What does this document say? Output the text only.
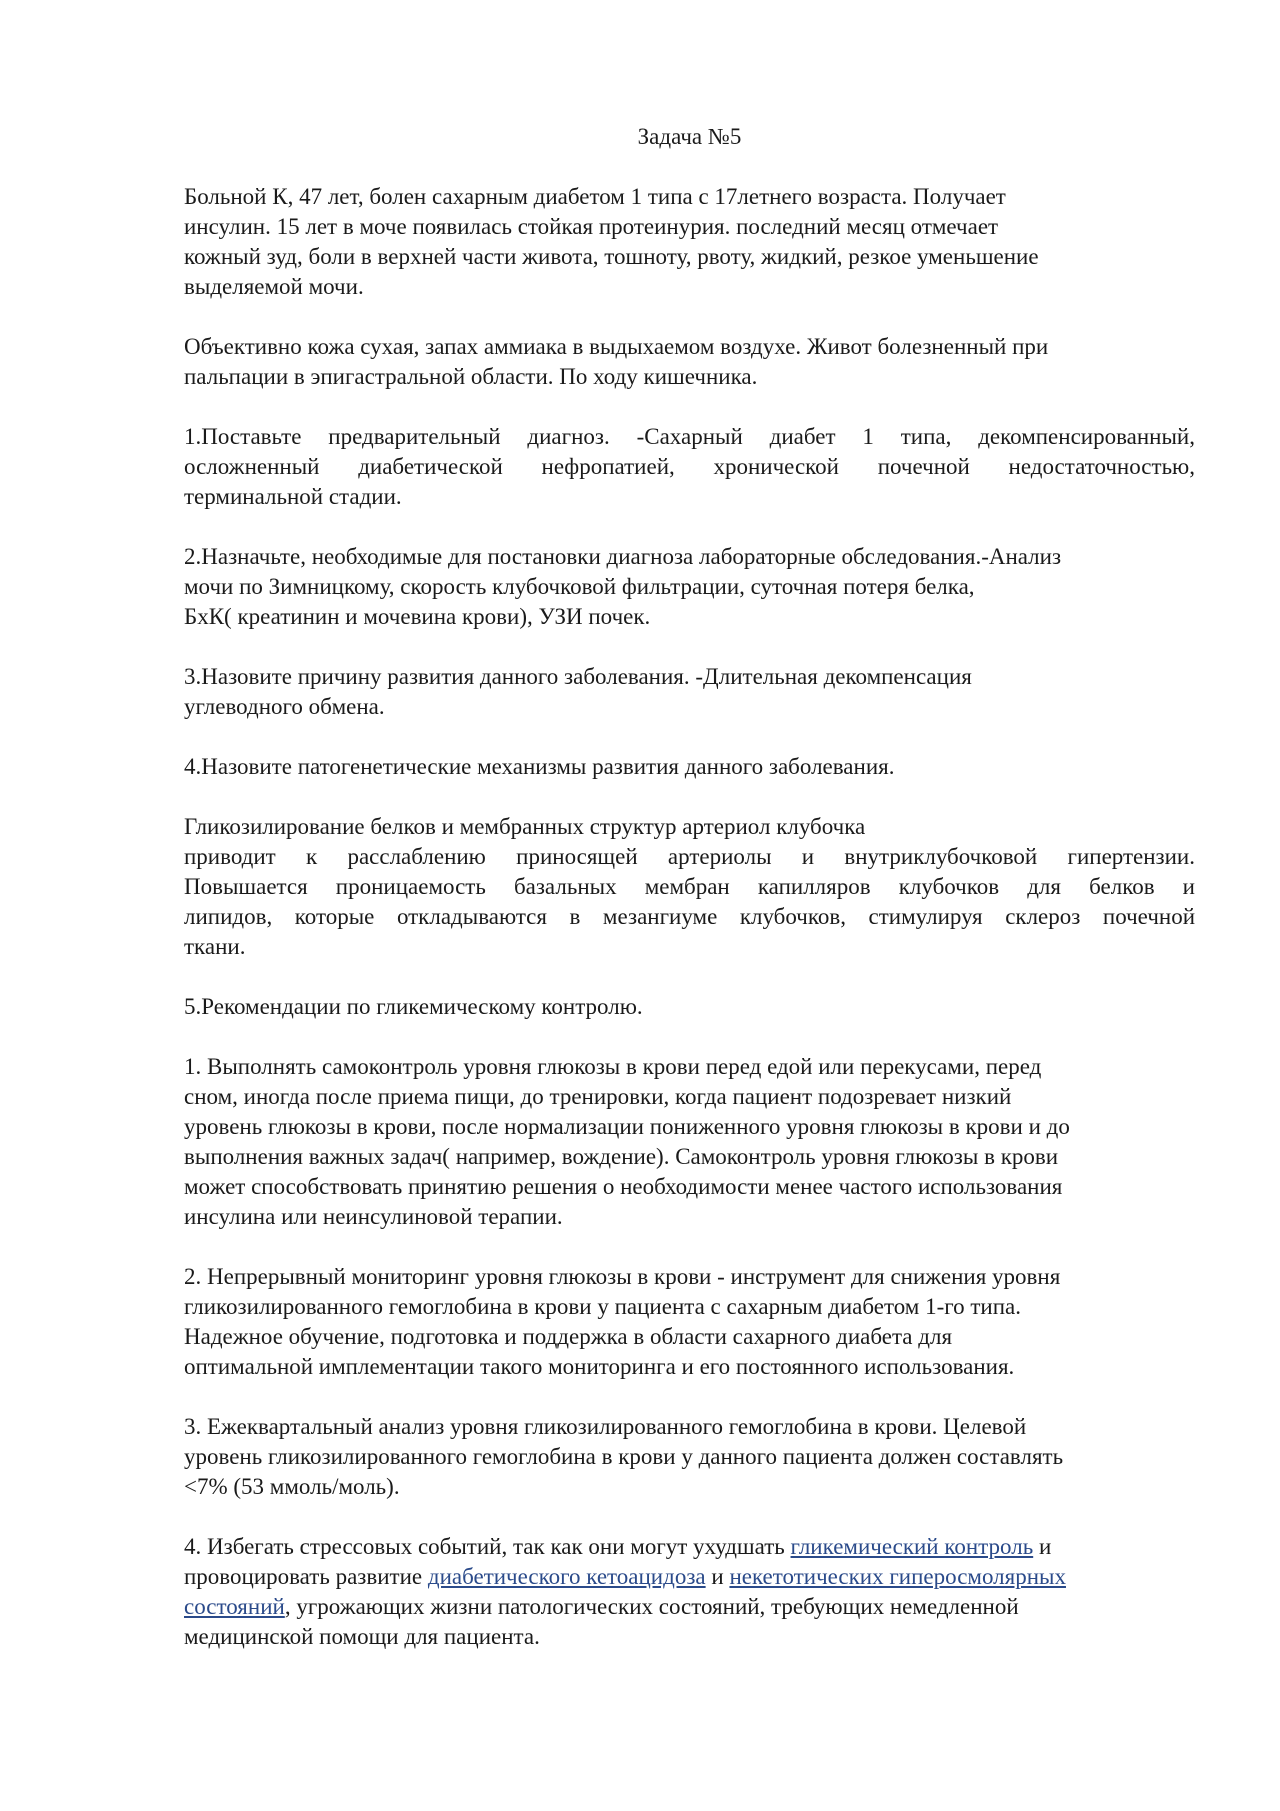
Задача №5

Больной К, 47 лет, болен сахарным диабетом 1 типа с 17летнего возраста. Получает
инсулин. 15 лет в моче появилась стойкая протеинурия. последний месяц отмечает
кожный зуд, боли в верхней части живота, тошноту, рвоту, жидкий, резкое уменьшение
выделяемой мочи.

Объективно кожа сухая, запах аммиака в выдыхаемом воздухе. Живот болезненный при
пальпации в эпигастральной области. По ходу кишечника.

1.Поставьте предварительный диагноз. -Сахарный диабет 1 типа, декомпенсированный,
осложненный диабетической нефропатией, хронической почечной недостаточностью,
терминальной стадии.

2.Назначьте, необходимые для постановки диагноза лабораторные обследования.-Анализ
мочи по Зимницкому, скорость клубочковой фильтрации, суточная потеря белка,
БхК( креатинин и мочевина крови), УЗИ почек.

3.Назовите причину развития данного заболевания. -Длительная декомпенсация
углеводного обмена.

4.Назовите патогенетические механизмы развития данного заболевания.

Гликозилирование белков и мембранных структур артериол клубочка
приводит к расслаблению приносящей артериолы и внутриклубочковой гипертензии.
Повышается проницаемость базальных мембран капилляров клубочков для белков и
липидов, которые откладываются в мезангиуме клубочков, стимулируя склероз почечной
ткани.

5.Рекомендации по гликемическому контролю.

1. Выполнять самоконтроль уровня глюкозы в крови перед едой или перекусами, перед
сном, иногда после приема пищи, до тренировки, когда пациент подозревает низкий
уровень глюкозы в крови, после нормализации пониженного уровня глюкозы в крови и до
выполнения важных задач( например, вождение). Самоконтроль уровня глюкозы в крови
может способствовать принятию решения о необходимости менее частого использования
инсулина или неинсулиновой терапии.

2. Непрерывный мониторинг уровня глюкозы в крови - инструмент для снижения уровня
гликозилированного гемоглобина в крови у пациента с сахарным диабетом 1-го типа.
Надежное обучение, подготовка и поддержка в области сахарного диабета для
оптимальной имплементации такого мониторинга и его постоянного использования.

3. Ежеквартальный анализ уровня гликозилированного гемоглобина в крови. Целевой
уровень гликозилированного гемоглобина в крови у данного пациента должен составлять
<7% (53 ммоль/моль).

4. Избегать стрессовых событий, так как они могут ухудшать гликемический контроль и
провоцировать развитие диабетического кетоацидоза и некетотических гиперосмолярных
состояний, угрожающих жизни патологических состояний, требующих немедленной
медицинской помощи для пациента.
